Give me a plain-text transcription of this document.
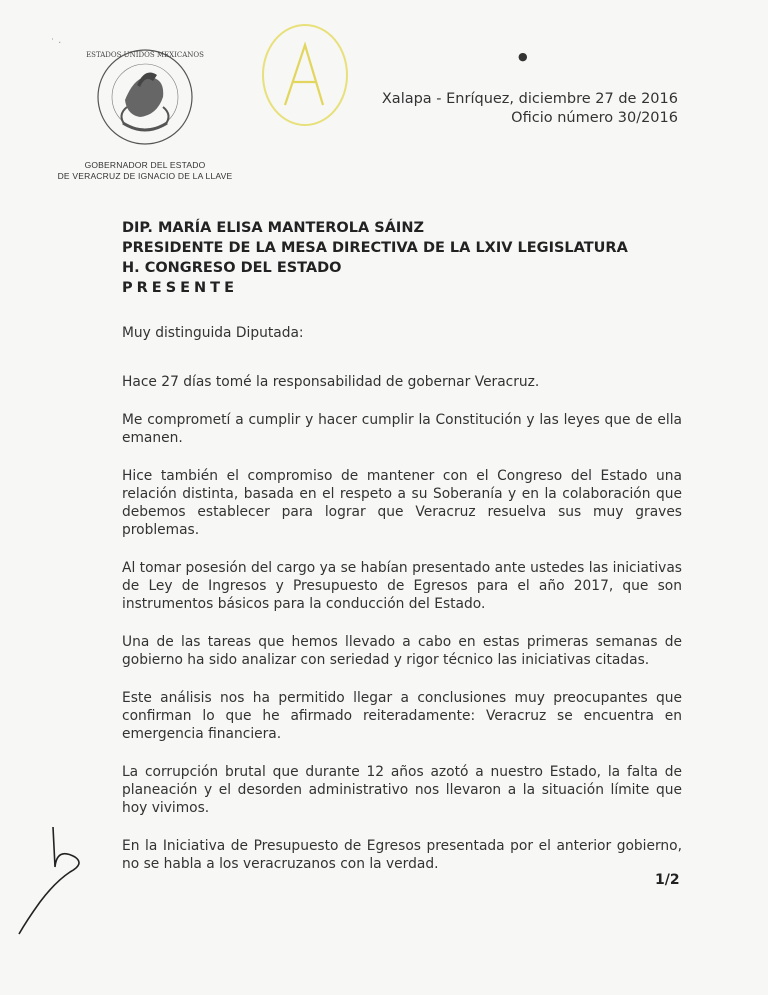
˙ ·
ESTADOS UNIDOS MEXICANOS
GOBERNADOR DEL ESTADO
DE VERACRUZ DE IGNACIO DE LA LLAVE
●
Xalapa - Enríquez, diciembre 27 de 2016
Oficio número 30/2016
DIP. MARÍA ELISA MANTEROLA SÁINZ
PRESIDENTE DE LA MESA DIRECTIVA DE LA LXIV LEGISLATURA
H. CONGRESO DEL ESTADO
PRESENTE

Muy distinguida Diputada:

Hace 27 días tomé la responsabilidad de gobernar Veracruz.

Me comprometí a cumplir y hacer cumplir la Constitución y las leyes que de ella emanen.

Hice también el compromiso de mantener con el Congreso del Estado una relación distinta, basada en el respeto a su Soberanía y en la colaboración que debemos establecer para lograr que Veracruz resuelva sus muy graves problemas.

Al tomar posesión del cargo ya se habían presentado ante ustedes las iniciativas de Ley de Ingresos y Presupuesto de Egresos para el año 2017, que son instrumentos básicos para la conducción del Estado.

Una de las tareas que hemos llevado a cabo en estas primeras semanas de gobierno ha sido analizar con seriedad y rigor técnico las iniciativas citadas.

Este análisis nos ha permitido llegar a conclusiones muy preocupantes que confirman lo que he afirmado reiteradamente: Veracruz se encuentra en emergencia financiera.

La corrupción brutal que durante 12 años azotó a nuestro Estado, la falta de planeación y el desorden administrativo nos llevaron a la situación límite que hoy vivimos.

En la Iniciativa de Presupuesto de Egresos presentada por el anterior gobierno, no se habla a los veracruzanos con la verdad.

1/2
